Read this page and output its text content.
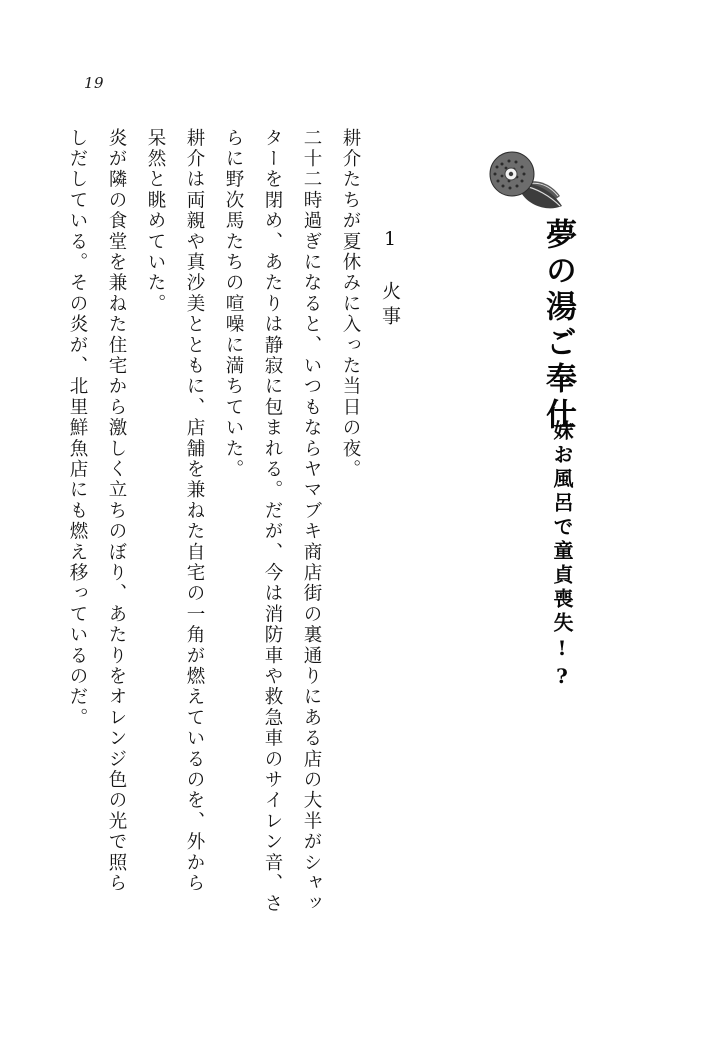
19
夢の湯ご奉仕
妹お風呂で童貞喪失!?
1　火事
耕介たちが夏休みに入った当日の夜。
二十二時過ぎになると、いつもならヤマブキ商店街の裏通りにある店の大半がシャッ
ターを閉め、あたりは静寂に包まれる。だが、今は消防車や救急車のサイレン音、さ
らに野次馬たちの喧噪に満ちていた。
耕介は両親や真沙美とともに、店舗を兼ねた自宅の一角が燃えているのを、外から
呆然と眺めていた。
炎が隣の食堂を兼ねた住宅から激しく立ちのぼり、あたりをオレンジ色の光で照ら
しだしている。その炎が、北里鮮魚店にも燃え移っているのだ。
